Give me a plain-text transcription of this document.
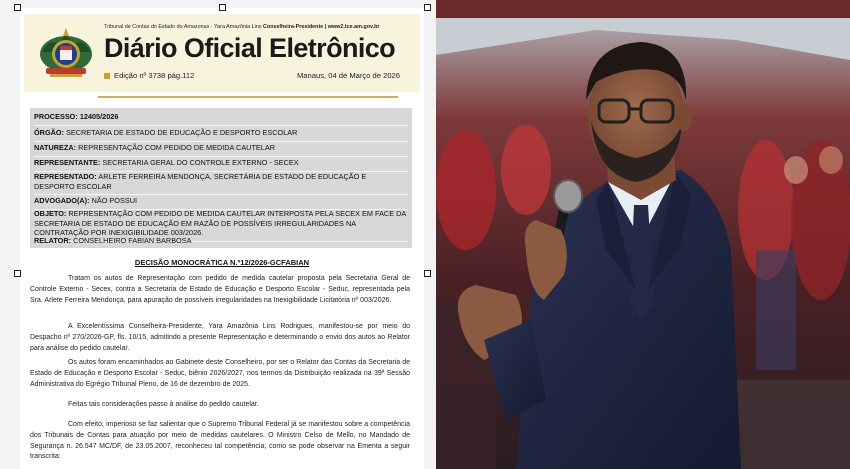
Tribunal de Contas do Estado do Amazonas · Yara Amazônia Lins Conselheira-Presidente | www2.tce.am.gov.br
Diário Oficial Eletrônico
Edição nº 3738 pág.112	Manaus, 04 de Março de 2026
PROCESSO: 12405/2026
ÓRGÃO: SECRETARIA DE ESTADO DE EDUCAÇÃO E DESPORTO ESCOLAR
NATUREZA: REPRESENTAÇÃO COM PEDIDO DE MEDIDA CAUTELAR
REPRESENTANTE: SECRETARIA GERAL DO CONTROLE EXTERNO - SECEX
REPRESENTADO: ARLETE FERREIRA MENDONÇA, SECRETÁRIA DE ESTADO DE EDUCAÇÃO E DESPORTO ESCOLAR
ADVOGADO(A): NÃO POSSUI
OBJETO: REPRESENTAÇÃO COM PEDIDO DE MEDIDA CAUTELAR INTERPOSTA PELA SECEX EM FACE DA SECRETARIA DE ESTADO DE EDUCAÇÃO EM RAZÃO DE POSSÍVEIS IRREGULARIDADES NA CONTRATAÇÃO POR INEXIGIBILIDADE 003/2026.
RELATOR: CONSELHEIRO FABIAN BARBOSA
DECISÃO MONOCRÁTICA N.º12/2026-GCFABIAN

Tratam os autos de Representação com pedido de medida cautelar proposta pela Secretaria Geral de Controle Externo - Secex, contra a Secretaria de Estado de Educação e Desporto Escolar - Seduc, representada pela Sra. Arlete Ferreira Mendonça, para apuração de possíveis irregularidades na Inexigibilidade Licitatória nº 003/2026.

A Excelentíssima Conselheira-Presidente, Yara Amazônia Lins Rodrigues, manifestou-se por meio do Despacho nº 270/2026-GP, fls. 10/15, admitindo a presente Representação e determinando o envio dos autos ao Relator para análise do pedido cautelar.

Os autos foram encaminhados ao Gabinete deste Conselheiro, por ser o Relator das Contas da Secretaria de Estado de Educação e Desporto Escolar - Seduc, biênio 2026/2027, nos termos da Distribuição realizada na 39ª Sessão Administrativa do Egrégio Tribunal Pleno, de 16 de dezembro de 2025.

Feitas tais considerações passo à análise do pedido cautelar.

Com efeito, imperioso se faz salientar que o Supremo Tribunal Federal já se manifestou sobre a competência dos Tribunais de Contas para atuação por meio de medidas cautelares. O Ministro Celso de Mello, no Mandado de Segurança n. 26.547 MC/DF, de 23.05.2007, reconheceu tal competência, como se pode observar na Ementa a seguir transcrita:
